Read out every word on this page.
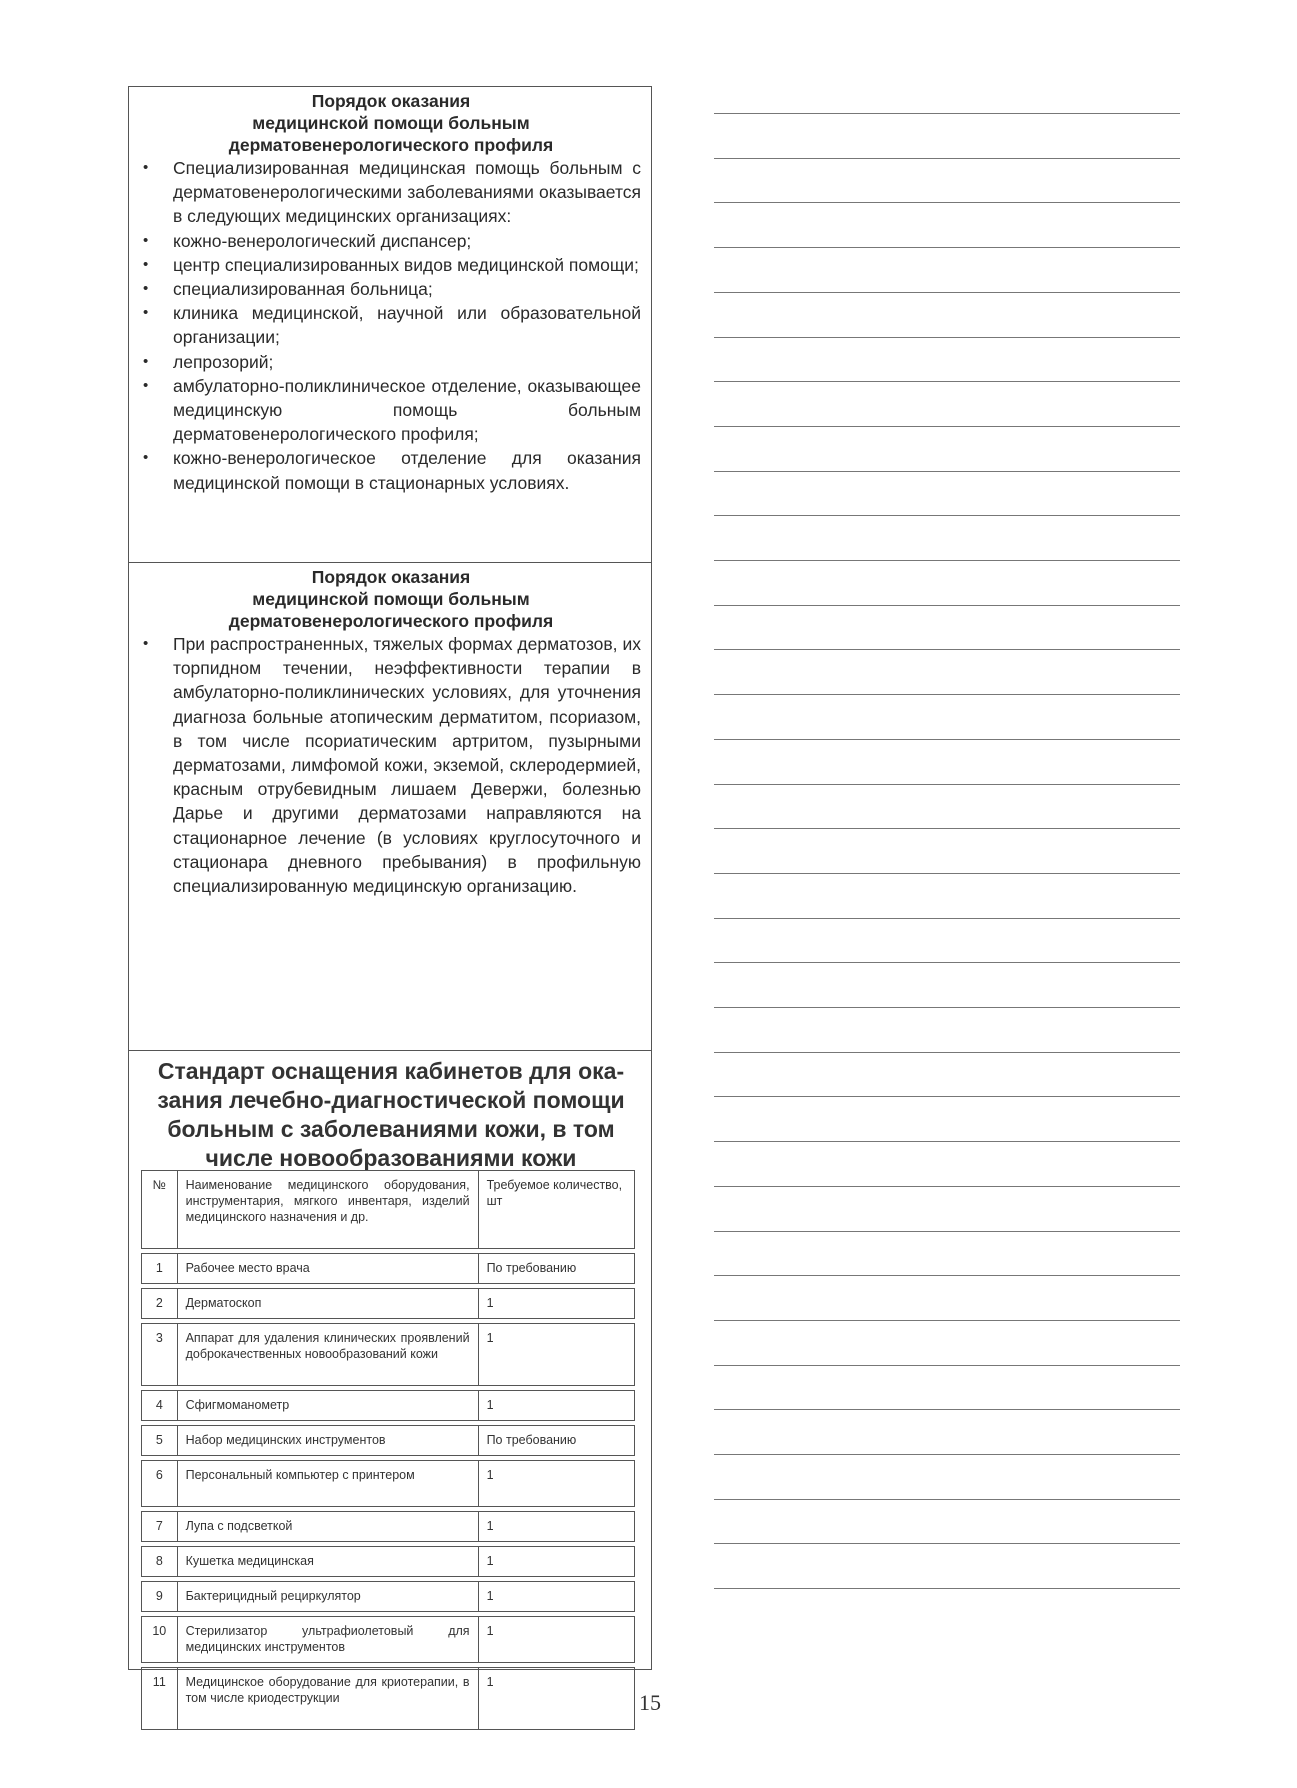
Порядок оказания
медицинской помощи больным
дерматовенерологического профиля
• Специализированная медицинская помощь больным с дерматовенерологическими заболеваниями оказывается в следующих медицинских организациях:
• кожно-венерологический диспансер;
• центр специализированных видов медицинской помощи;
• специализированная больница;
• клиника медицинской, научной или образовательной организации;
• лепрозорий;
• амбулаторно-поликлиническое отделение, оказывающее медицинскую помощь больным дерматовенерологического профиля;
• кожно-венерологическое отделение для оказания медицинской помощи в стационарных условиях.
Порядок оказания
медицинской помощи больным
дерматовенерологического профиля
• При распространенных, тяжелых формах дерматозов, их торпидном течении, неэффективности терапии в амбулаторно-поликлинических условиях, для уточнения диагноза больные атопическим дерматитом, псориазом, в том числе псориатическим артритом, пузырными дерматозами, лимфомой кожи, экземой, склеродермией, красным отрубевидным лишаем Девержи, болезнью Дарье и другими дерматозами направляются на стационарное лечение (в условиях круглосуточного и стационара дневного пребывания) в профильную специализированную медицинскую организацию.
Стандарт оснащения кабинетов для ока-
зания лечебно-диагностической помощи
больным с заболеваниями кожи, в том
числе новообразованиями кожи
№	Наименование медицинского оборудования, инструментария, мягкого инвентаря, изделий медицинского назначения и др.	Требуемое количество, шт

1	Рабочее место врача	По требованию

2	Дерматоскоп	1

3	Аппарат для удаления клинических проявлений доброкачественных новообразований кожи	1

4	Сфигмоманометр	1

5	Набор медицинских инструментов	По требованию

6	Персональный компьютер с принтером	1

7	Лупа с подсветкой	1

8	Кушетка медицинская	1

9	Бактерицидный рециркулятор	1

10	Стерилизатор ультрафиолетовый для медицинских инструментов	1

11	Медицинское оборудование для криотерапии, в том числе криодеструкции	1
15
